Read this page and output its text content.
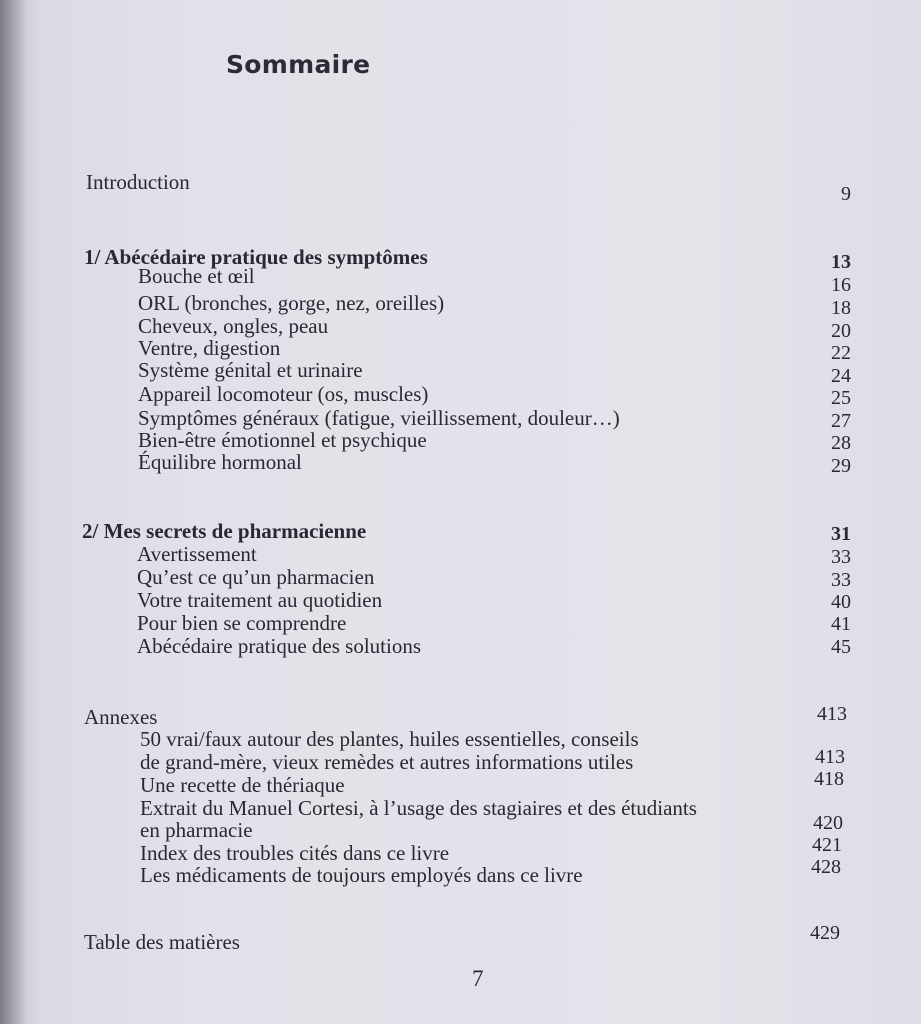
Sommaire
Introduction	9
1/ Abécédaire pratique des symptômes	13
Bouche et œil	16
ORL (bronches, gorge, nez, oreilles)	18
Cheveux, ongles, peau	20
Ventre, digestion	22
Système génital et urinaire	24
Appareil locomoteur (os, muscles)	25
Symptômes généraux (fatigue, vieillissement, douleur…)	27
Bien-être émotionnel et psychique	28
Équilibre hormonal	29
2/ Mes secrets de pharmacienne	31
Avertissement	33
Qu’est ce qu’un pharmacien	33
Votre traitement au quotidien	40
Pour bien se comprendre	41
Abécédaire pratique des solutions	45
Annexes	413
50 vrai/faux autour des plantes, huiles essentielles, conseils
de grand-mère, vieux remèdes et autres informations utiles	413
Une recette de thériaque	418
Extrait du Manuel Cortesi, à l’usage des stagiaires et des étudiants
en pharmacie	420
Index des troubles cités dans ce livre	421
Les médicaments de toujours employés dans ce livre	428
Table des matières	429
7
